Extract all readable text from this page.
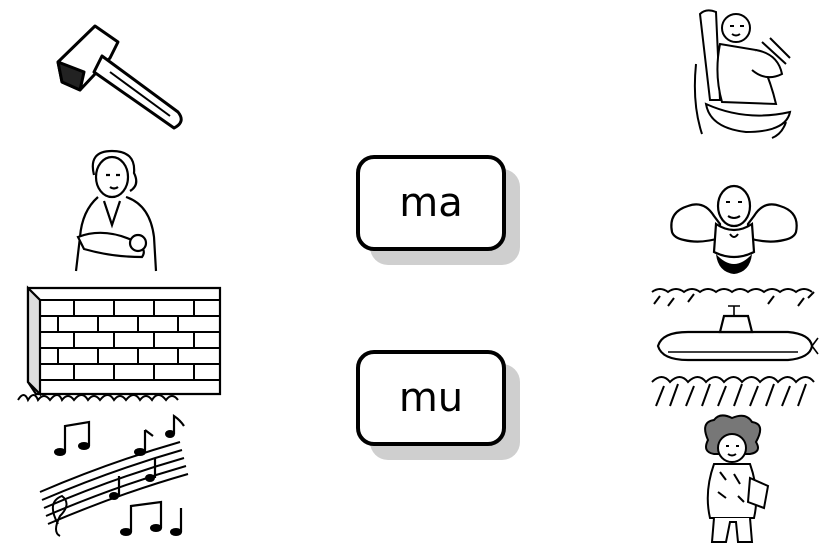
ma
mu
